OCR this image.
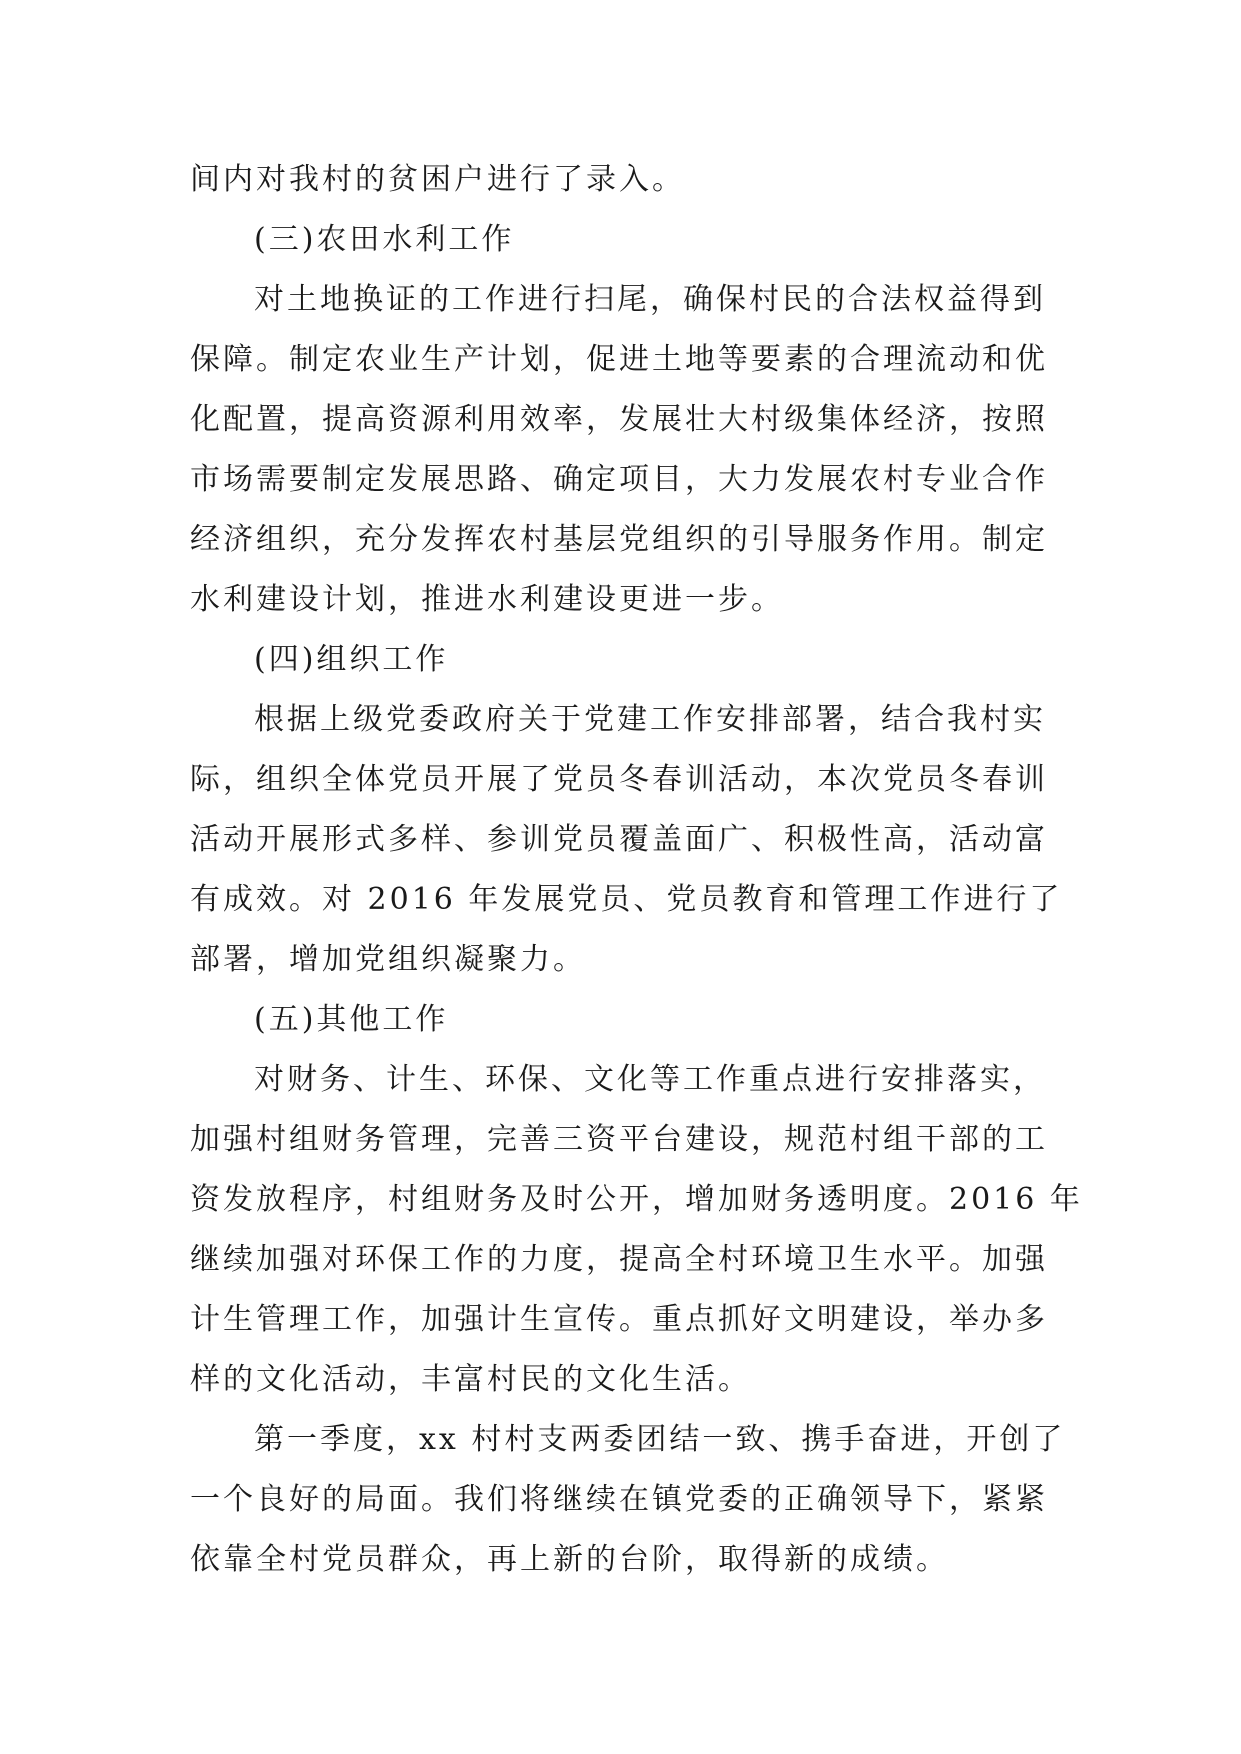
间内对我村的贫困户进行了录入。
(三)农田水利工作
对土地换证的工作进行扫尾，确保村民的合法权益得到
保障。制定农业生产计划，促进土地等要素的合理流动和优
化配置，提高资源利用效率，发展壮大村级集体经济，按照
市场需要制定发展思路、确定项目，大力发展农村专业合作
经济组织，充分发挥农村基层党组织的引导服务作用。制定
水利建设计划，推进水利建设更进一步。
(四)组织工作
根据上级党委政府关于党建工作安排部署，结合我村实
际，组织全体党员开展了党员冬春训活动，本次党员冬春训
活动开展形式多样、参训党员覆盖面广、积极性高，活动富
有成效。对 2016 年发展党员、党员教育和管理工作进行了
部署，增加党组织凝聚力。
(五)其他工作
对财务、计生、环保、文化等工作重点进行安排落实，
加强村组财务管理，完善三资平台建设，规范村组干部的工
资发放程序，村组财务及时公开，增加财务透明度。2016 年
继续加强对环保工作的力度，提高全村环境卫生水平。加强
计生管理工作，加强计生宣传。重点抓好文明建设，举办多
样的文化活动，丰富村民的文化生活。
第一季度，xx 村村支两委团结一致、携手奋进，开创了
一个良好的局面。我们将继续在镇党委的正确领导下，紧紧
依靠全村党员群众，再上新的台阶，取得新的成绩。
